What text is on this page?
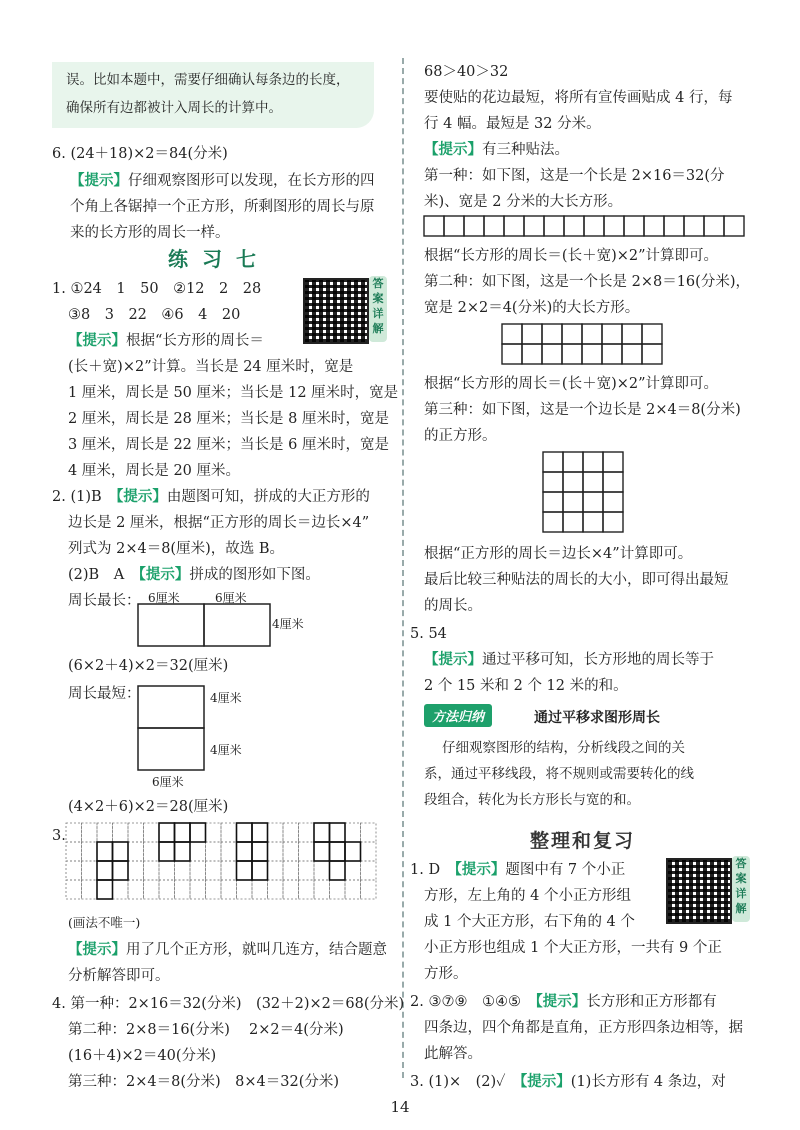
误。比如本题中，需要仔细确认每条边的长度，
确保所有边都被计入周长的计算中。
6. (24＋18)×2＝84(分米)
【提示】仔细观察图形可以发现，在长方形的四
个角上各锯掉一个正方形，所剩图形的周长与原
来的长方形的周长一样。
练习七
答
案
详
解
1. ①24　1　50　②12　2　28
③8　3　22　④6　4　20
【提示】根据“长方形的周长＝
(长＋宽)×2”计算。当长是 24 厘米时，宽是
1 厘米，周长是 50 厘米；当长是 12 厘米时，宽是
2 厘米，周长是 28 厘米；当长是 8 厘米时，宽是
3 厘米，周长是 22 厘米；当长是 6 厘米时，宽是
4 厘米，周长是 20 厘米。
2. (1)B　【提示】由题图可知，拼成的大正方形的
边长是 2 厘米，根据“正方形的周长＝边长×4”
列式为 2×4＝8(厘米)，故选 B。
(2)B　A　【提示】拼成的图形如下图。
周长最长： 6厘米	6厘米
4厘米
(6×2＋4)×2＝32(厘米)
周长最短：	4厘米
4厘米
6厘米
(4×2＋6)×2＝28(厘米)
3.
(画法不唯一)
【提示】用了几个正方形，就叫几连方，结合题意
分析解答即可。
4. 第一种：2×16＝32(分米)　(32＋2)×2＝68(分米)
第二种：2×8＝16(分米)　 2×2＝4(分米)
(16＋4)×2＝40(分米)
第三种：2×4＝8(分米)　8×4＝32(分米)
68＞40＞32
要使贴的花边最短，将所有宣传画贴成 4 行，每
行 4 幅。最短是 32 分米。
【提示】有三种贴法。
第一种：如下图，这是一个长是 2×16＝32(分
米)、宽是 2 分米的大长方形。
根据“长方形的周长＝(长＋宽)×2”计算即可。
第二种：如下图，这是一个长是 2×8＝16(分米)，
宽是 2×2＝4(分米)的大长方形。
根据“长方形的周长＝(长＋宽)×2”计算即可。
第三种：如下图，这是一个边长是 2×4＝8(分米)
的正方形。
根据“正方形的周长＝边长×4”计算即可。
最后比较三种贴法的周长的大小，即可得出最短
的周长。
5. 54
【提示】通过平移可知，长方形地的周长等于
2 个 15 米和 2 个 12 米的和。
方法归纳	通过平移求图形周长
仔细观察图形的结构，分析线段之间的关
系，通过平移线段，将不规则或需要转化的线
段组合，转化为长方形长与宽的和。
整理和复习
答
案
详
解
1. D　【提示】题图中有 7 个小正
方形，左上角的 4 个小正方形组
成 1 个大正方形，右下角的 4 个
小正方形也组成 1 个大正方形，一共有 9 个正
方形。
2. ③⑦⑨　①④⑤　【提示】长方形和正方形都有
四条边，四个角都是直角，正方形四条边相等，据
此解答。
3. (1)×　(2)✓　【提示】(1)长方形有 4 条边，对
14
